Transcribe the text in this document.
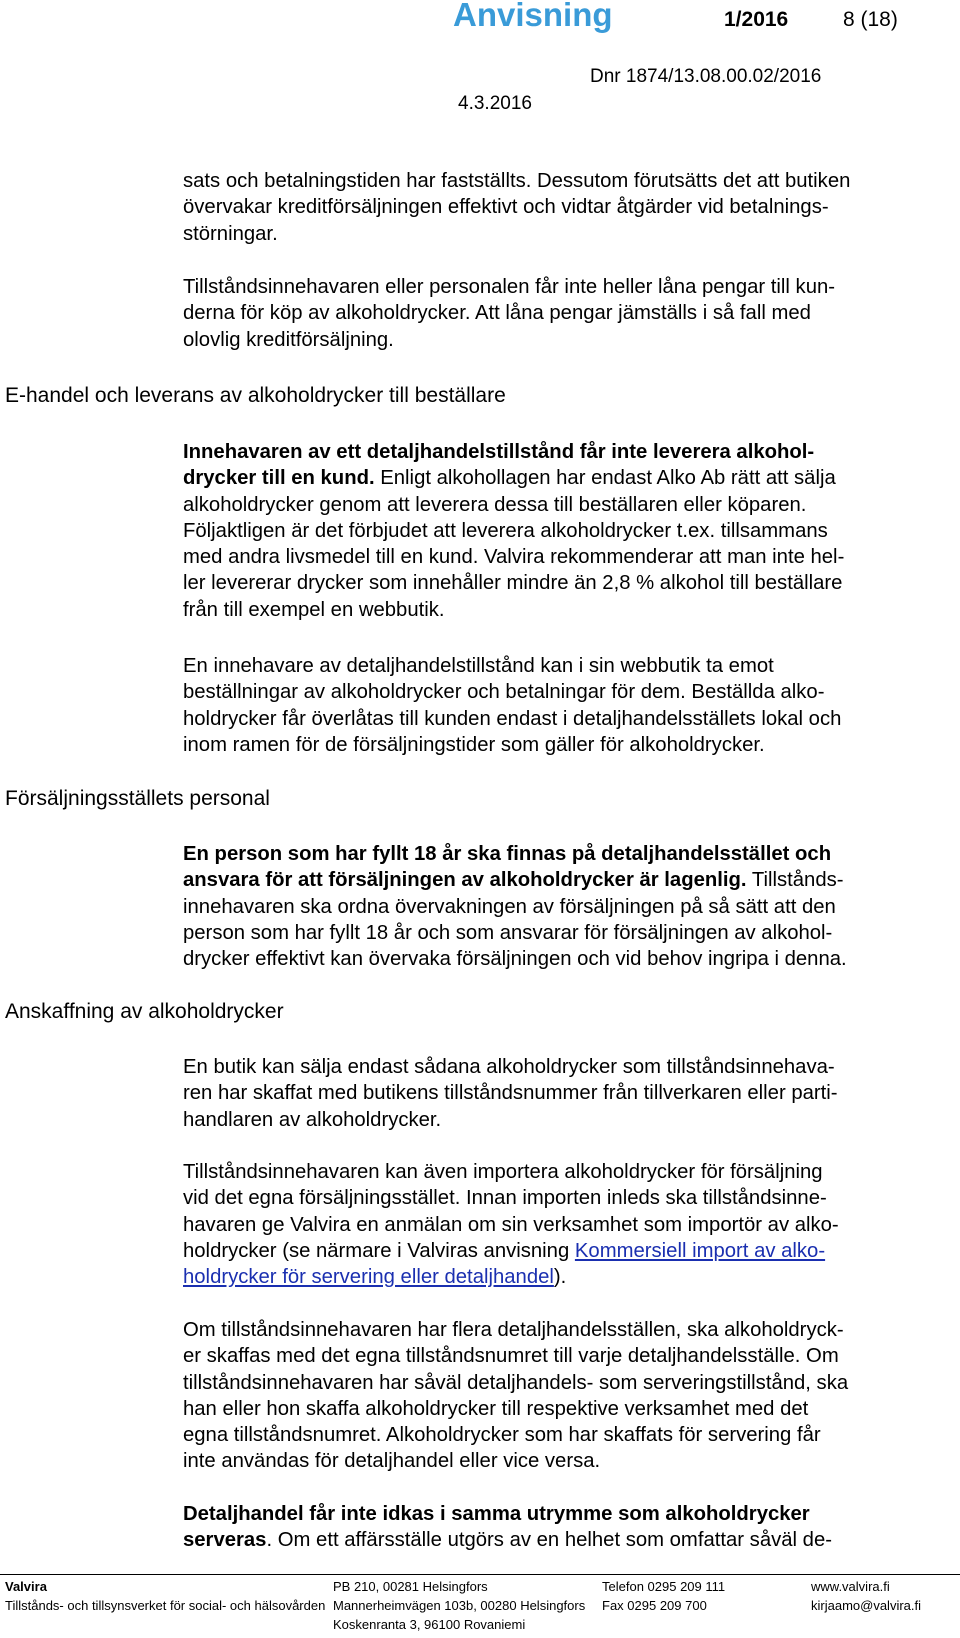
Anvisning	1/2016	8 (18)
Dnr 1874/13.08.00.02/2016
4.3.2016
sats och betalningstiden har fastställts. Dessutom förutsätts det att butiken
övervakar kreditförsäljningen effektivt och vidtar åtgärder vid betalnings-
störningar.
Tillståndsinnehavaren eller personalen får inte heller låna pengar till kun-
derna för köp av alkoholdrycker. Att låna pengar jämställs i så fall med
olovlig kreditförsäljning.
E-handel och leverans av alkoholdrycker till beställare
Innehavaren av ett detaljhandelstillstånd får inte leverera alkohol-
drycker till en kund. Enligt alkohollagen har endast Alko Ab rätt att sälja
alkoholdrycker genom att leverera dessa till beställaren eller köparen.
Följaktligen är det förbjudet att leverera alkoholdrycker t.ex. tillsammans
med andra livsmedel till en kund. Valvira rekommenderar att man inte hel-
ler levererar drycker som innehåller mindre än 2,8 % alkohol till beställare
från till exempel en webbutik.
En innehavare av detaljhandelstillstånd kan i sin webbutik ta emot
beställningar av alkoholdrycker och betalningar för dem. Beställda alko-
holdrycker får överlåtas till kunden endast i detaljhandelsställets lokal och
inom ramen för de försäljningstider som gäller för alkoholdrycker.
Försäljningsställets personal
En person som har fyllt 18 år ska finnas på detaljhandelsstället och
ansvara för att försäljningen av alkoholdrycker är lagenlig. Tillstånds-
innehavaren ska ordna övervakningen av försäljningen på så sätt att den
person som har fyllt 18 år och som ansvarar för försäljningen av alkohol-
drycker effektivt kan övervaka försäljningen och vid behov ingripa i denna.
Anskaffning av alkoholdrycker
En butik kan sälja endast sådana alkoholdrycker som tillståndsinnehava-
ren har skaffat med butikens tillståndsnummer från tillverkaren eller parti-
handlaren av alkoholdrycker.
Tillståndsinnehavaren kan även importera alkoholdrycker för försäljning
vid det egna försäljningsstället. Innan importen inleds ska tillståndsinne-
havaren ge Valvira en anmälan om sin verksamhet som importör av alko-
holdrycker (se närmare i Valviras anvisning Kommersiell import av alko-
holdrycker för servering eller detaljhandel).
Om tillståndsinnehavaren har flera detaljhandelsställen, ska alkoholdryck-
er skaffas med det egna tillståndsnumret till varje detaljhandelsställe. Om
tillståndsinnehavaren har såväl detaljhandels- som serveringstillstånd, ska
han eller hon skaffa alkoholdrycker till respektive verksamhet med det
egna tillståndsnumret. Alkoholdrycker som har skaffats för servering får
inte användas för detaljhandel eller vice versa.
Detaljhandel får inte idkas i samma utrymme som alkoholdrycker
serveras. Om ett affärsställe utgörs av en helhet som omfattar såväl de-
Valvira
Tillstånds- och tillsynsverket för social- och hälsovården
PB 210, 00281 Helsingfors
Mannerheimvägen 103b, 00280 Helsingfors
Koskenranta 3, 96100 Rovaniemi
Telefon 0295 209 111
Fax 0295 209 700
www.valvira.fi
kirjaamo@valvira.fi
